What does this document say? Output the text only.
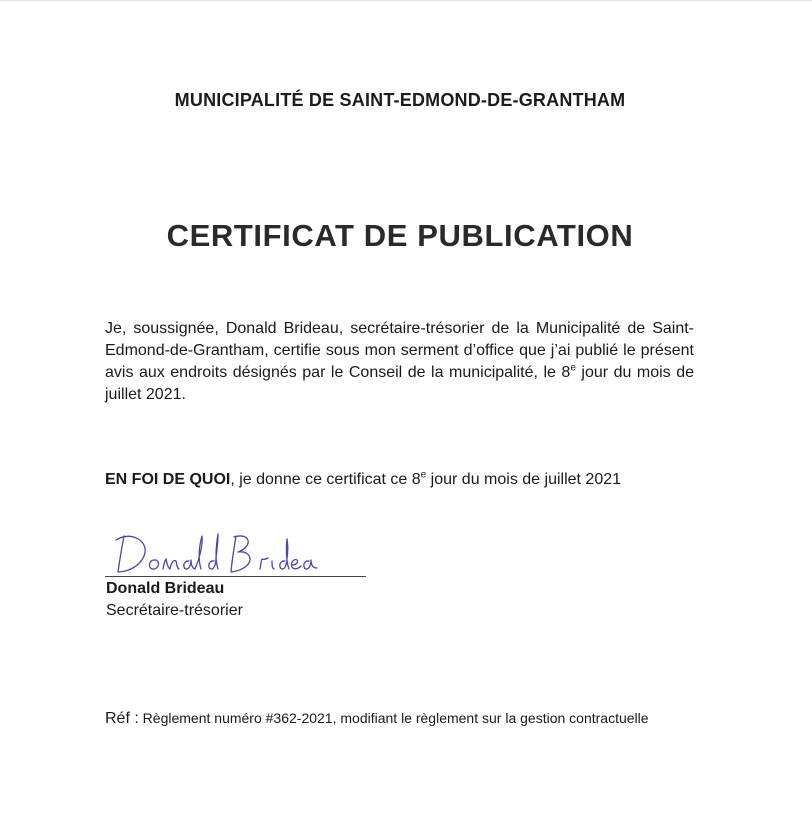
MUNICIPALITÉ DE SAINT-EDMOND-DE-GRANTHAM
CERTIFICAT DE PUBLICATION

Je, soussignée, Donald Brideau, secrétaire-trésorier de la Municipalité de Saint-Edmond-de-Grantham, certifie sous mon serment d’office que j’ai publié le présent avis aux endroits désignés par le Conseil de la municipalité, le 8e jour du mois de juillet 2021.

EN FOI DE QUOI, je donne ce certificat ce 8e jour du mois de juillet 2021
Donald Brideau
Secrétaire-trésorier
Réf : Règlement numéro #362-2021, modifiant le règlement sur la gestion contractuelle
